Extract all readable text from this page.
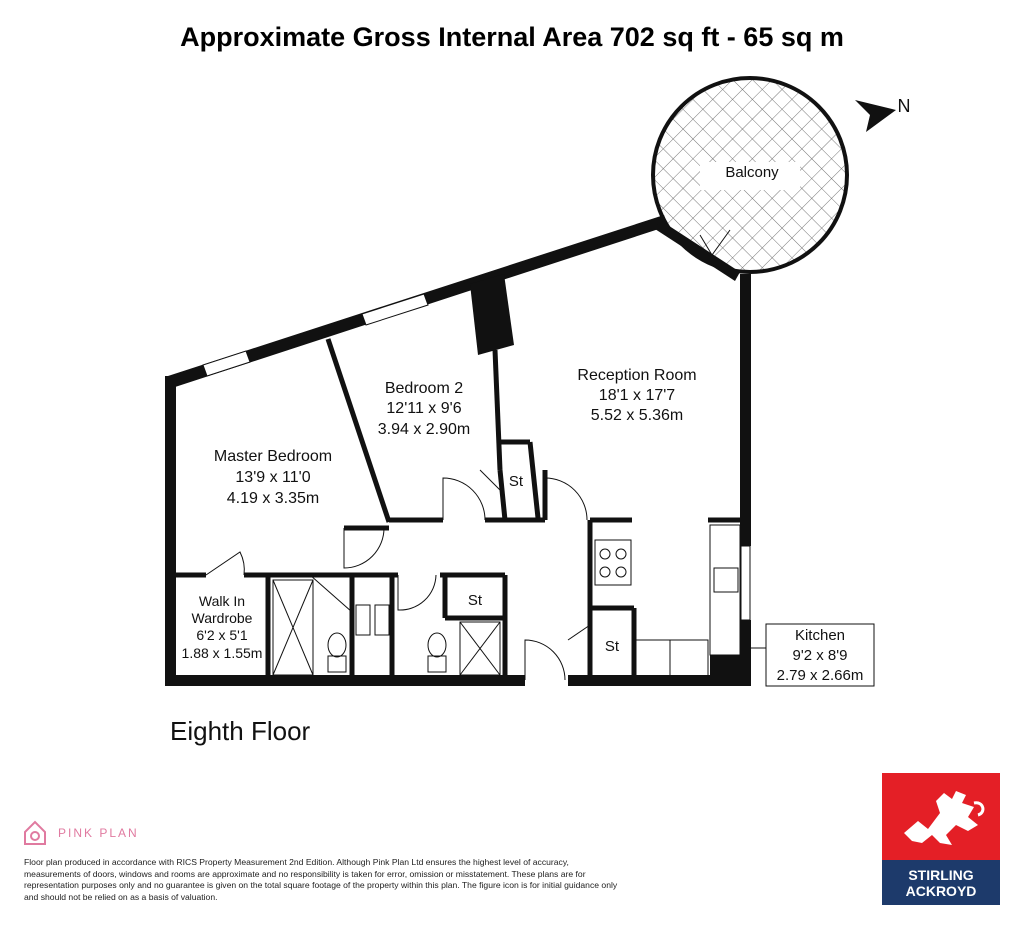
Approximate Gross Internal Area 702 sq ft - 65 sq m
Balcony
N
Reception Room
18'1 x 17'7
5.52 x 5.36m
Bedroom 2
12'11 x 9'6
3.94 x 2.90m
Master Bedroom
13'9 x 11'0
4.19 x 3.35m
Walk In
Wardrobe
6'2 x 5'1
1.88 x 1.55m
Kitchen
9'2 x 8'9
2.79 x 2.66m
St
St
St
Eighth Floor
PINK PLAN
Floor plan produced in accordance with RICS Property Measurement 2nd Edition. Although Pink Plan Ltd ensures the highest level of accuracy, measurements of doors, windows and rooms are approximate and no responsibility is taken for error, omission or misstatement. These plans are for representation purposes only and no guarantee is given on the total square footage of the property within this plan. The figure icon is for initial guidance only and should not be relied on as a basis of valuation.
STIRLING
ACKROYD
